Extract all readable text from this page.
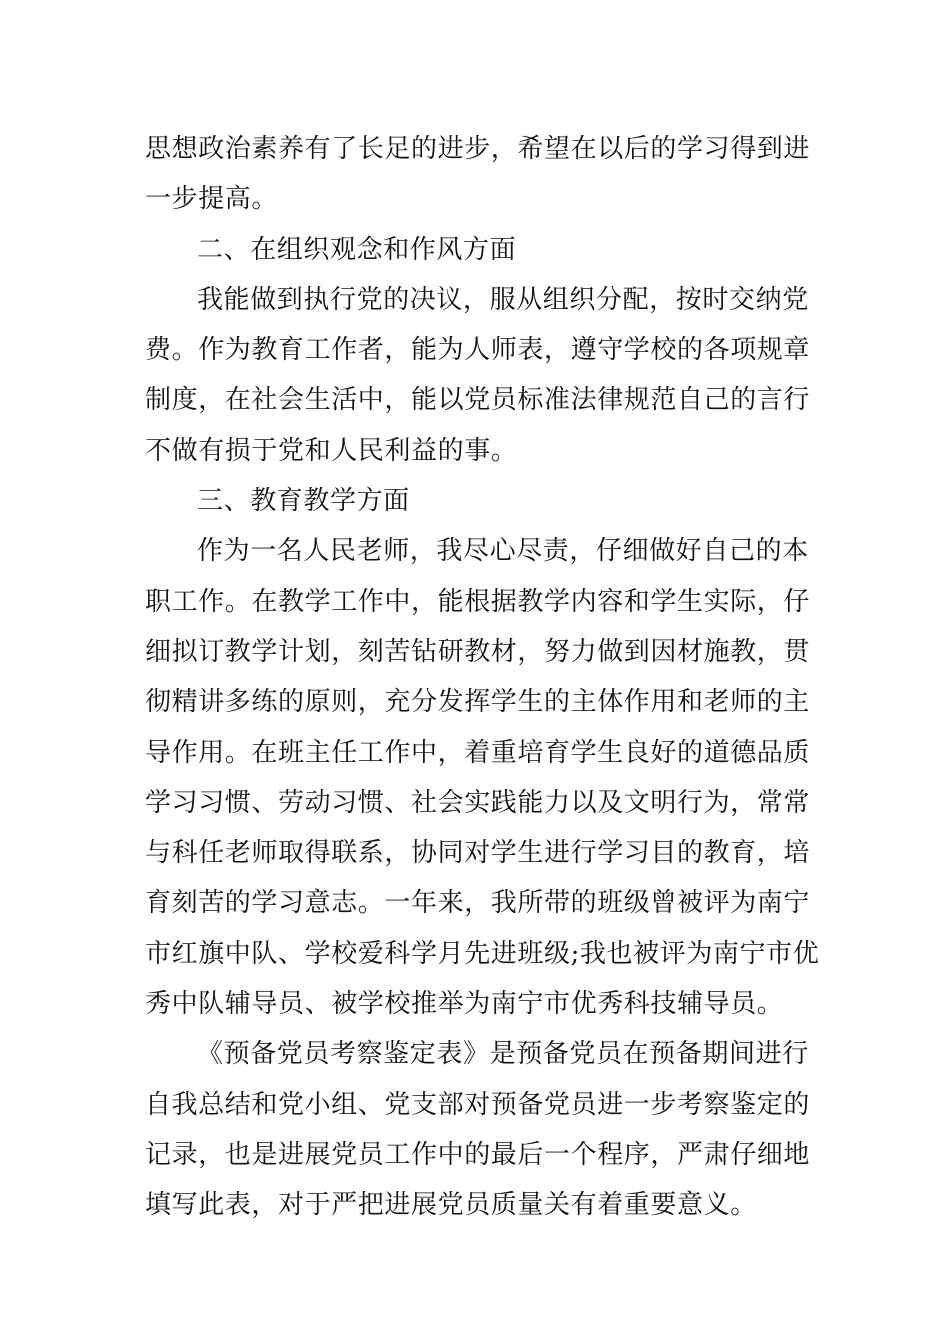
思想政治素养有了长足的进步，希望在以后的学习得到进
一步提高。
二、在组织观念和作风方面
我能做到执行党的决议，服从组织分配，按时交纳党
费。作为教育工作者，能为人师表，遵守学校的各项规章
制度，在社会生活中，能以党员标准法律规范自己的言行
不做有损于党和人民利益的事。
三、教育教学方面
作为一名人民老师，我尽心尽责，仔细做好自己的本
职工作。在教学工作中，能根据教学内容和学生实际，仔
细拟订教学计划，刻苦钻研教材，努力做到因材施教，贯
彻精讲多练的原则，充分发挥学生的主体作用和老师的主
导作用。在班主任工作中，着重培育学生良好的道德品质
学习习惯、劳动习惯、社会实践能力以及文明行为，常常
与科任老师取得联系，协同对学生进行学习目的教育，培
育刻苦的学习意志。一年来，我所带的班级曾被评为南宁
市红旗中队、学校爱科学月先进班级;我也被评为南宁市优
秀中队辅导员、被学校推举为南宁市优秀科技辅导员。
《预备党员考察鉴定表》是预备党员在预备期间进行
自我总结和党小组、党支部对预备党员进一步考察鉴定的
记录，也是进展党员工作中的最后一个程序，严肃仔细地
填写此表，对于严把进展党员质量关有着重要意义。
